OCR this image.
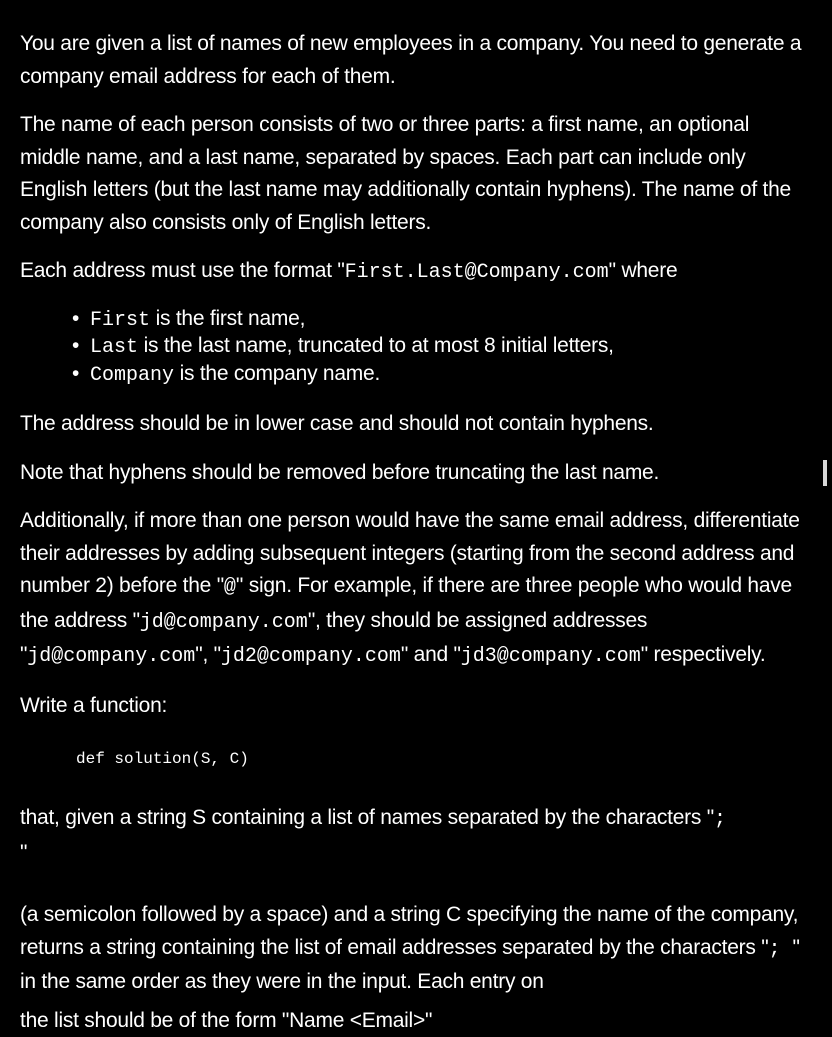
You are given a list of names of new employees in a company. You need to generate a company email address for each of them.

The name of each person consists of two or three parts: a first name, an optional middle name, and a last name, separated by spaces. Each part can include only English letters (but the last name may additionally contain hyphens). The name of the company also consists only of English letters.

Each address must use the format "First.Last@Company.com" where

• First is the first name,
• Last is the last name, truncated to at most 8 initial letters,
• Company is the company name.

The address should be in lower case and should not contain hyphens.

Note that hyphens should be removed before truncating the last name.

Additionally, if more than one person would have the same email address, differentiate their addresses by adding subsequent integers (starting from the second address and number 2) before the "@" sign. For example, if there are three people who would have the address "jd@company.com", they should be assigned addresses "jd@company.com", "jd2@company.com" and "jd3@company.com" respectively.

Write a function:

def solution(S, C)

that, given a string S containing a list of names separated by the characters ";
"

(a semicolon followed by a space) and a string C specifying the name of the company, returns a string containing the list of email addresses separated by the characters "; " in the same order as they were in the input. Each entry on

the list should be of the form "Name <Email>"
